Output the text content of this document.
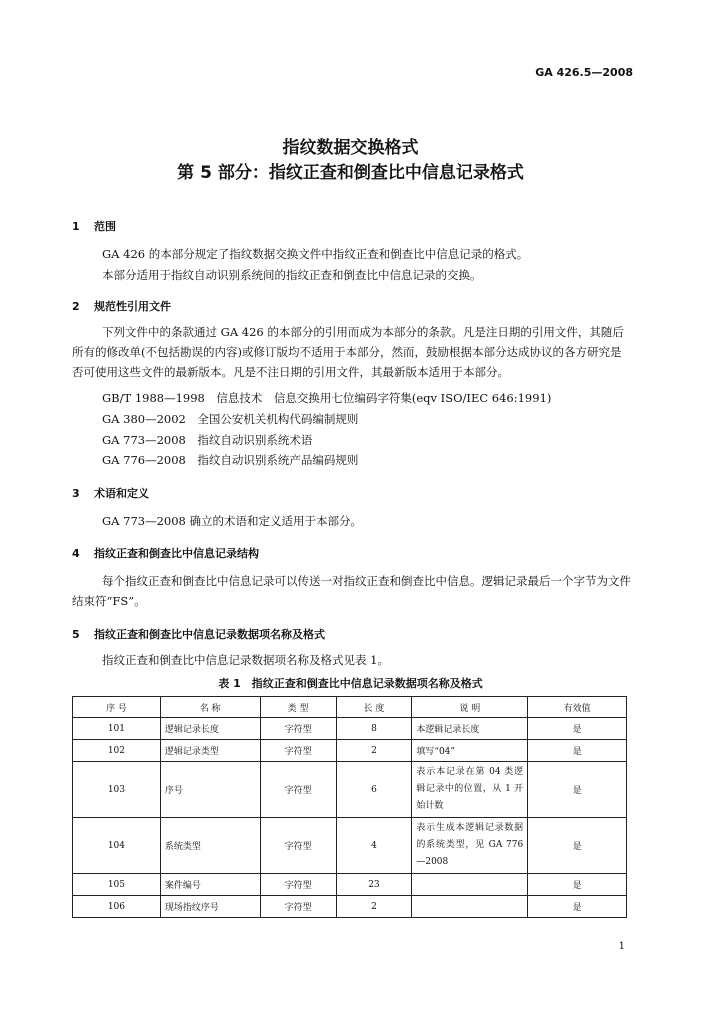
GA 426.5—2008
指纹数据交换格式
第 5 部分：指纹正查和倒查比中信息记录格式
1 范围
GA 426 的本部分规定了指纹数据交换文件中指纹正查和倒查比中信息记录的格式。
本部分适用于指纹自动识别系统间的指纹正查和倒查比中信息记录的交换。
2 规范性引用文件
下列文件中的条款通过 GA 426 的本部分的引用而成为本部分的条款。凡是注日期的引用文件，其随后所有的修改单(不包括勘误的内容)或修订版均不适用于本部分，然而，鼓励根据本部分达成协议的各方研究是否可使用这些文件的最新版本。凡是不注日期的引用文件，其最新版本适用于本部分。
GB/T 1988—1998　信息技术　信息交换用七位编码字符集(eqv ISO/IEC 646:1991)
GA 380—2002　全国公安机关机构代码编制规则
GA 773—2008　指纹自动识别系统术语
GA 776—2008　指纹自动识别系统产品编码规则
3 术语和定义
GA 773—2008 确立的术语和定义适用于本部分。
4 指纹正查和倒查比中信息记录结构
每个指纹正查和倒查比中信息记录可以传送一对指纹正查和倒查比中信息。逻辑记录最后一个字节为文件结束符“FS”。
5 指纹正查和倒查比中信息记录数据项名称及格式
指纹正查和倒查比中信息记录数据项名称及格式见表 1。
表 1　指纹正查和倒查比中信息记录数据项名称及格式
序 号	名 称	类 型	长 度	说 明	有效值
101	逻辑记录长度	字符型	8	本逻辑记录长度	是
102	逻辑记录类型	字符型	2	填写“04”	是
103	序号	字符型	6	表示本记录在第 04 类逻辑记录中的位置，从 1 开始计数	是
104	系统类型	字符型	4	表示生成本逻辑记录数据的系统类型，见 GA 776—2008	是
105	案件编号	字符型	23		是
106	现场指纹序号	字符型	2		是
1
